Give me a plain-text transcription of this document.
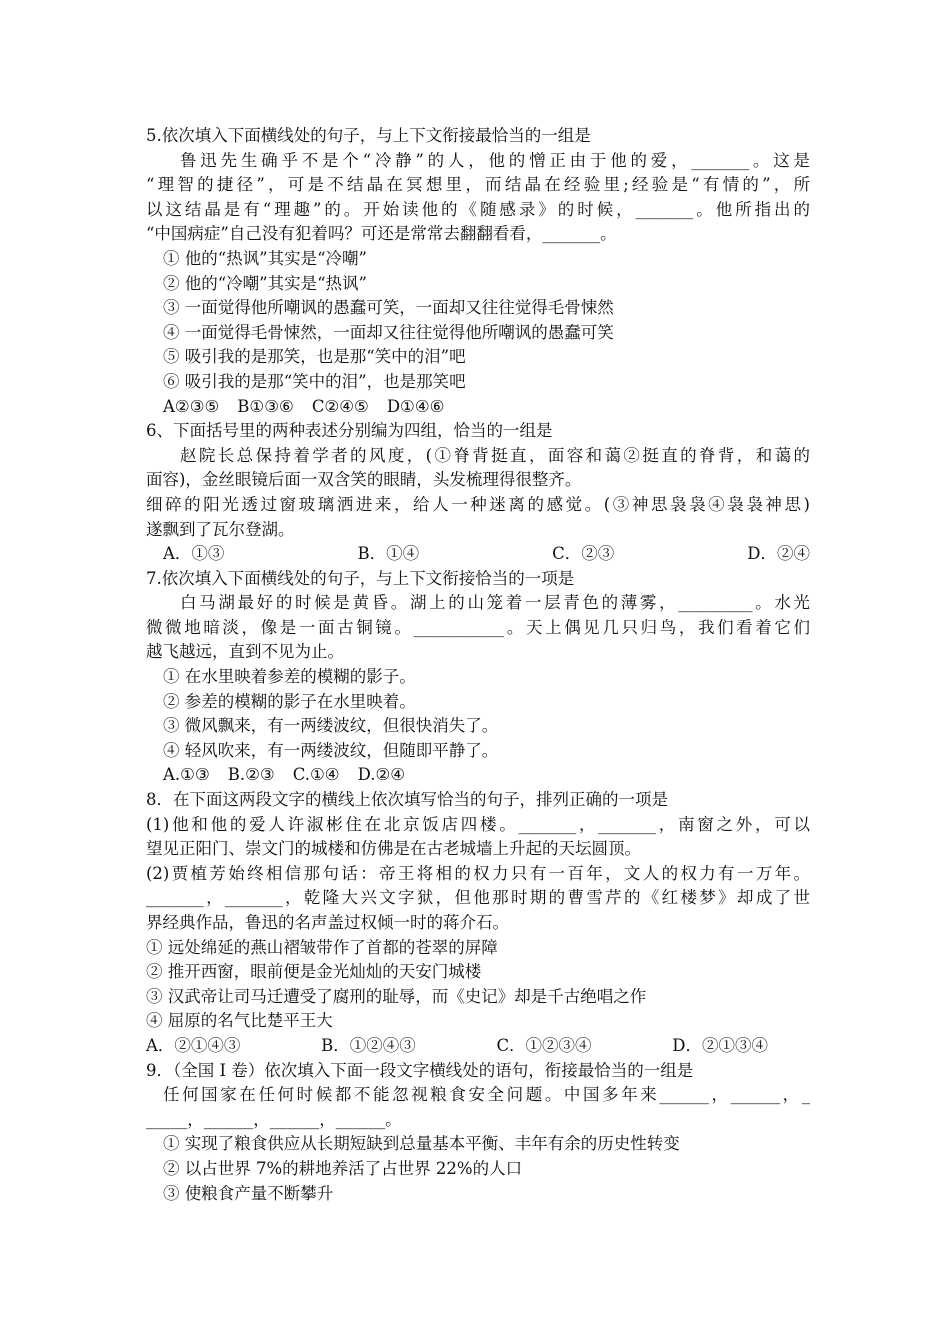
5.依次填入下面横线处的句子，与上下文衔接最恰当的一组是
鲁迅先生确乎不是个“冷静”的人，他的憎正由于他的爱，_______。这是
“理智的捷径”，可是不结晶在冥想里，而结晶在经验里;经验是“有情的”，所
以这结晶是有“理趣”的。开始读他的《随感录》的时候，_______。他所指出的
“中国病症”自己没有犯着吗？可还是常常去翻翻看看，_______。
① 他的“热讽”其实是“冷嘲”
② 他的“冷嘲”其实是“热讽”
③ 一面觉得他所嘲讽的愚蠢可笑，一面却又往往觉得毛骨悚然
④ 一面觉得毛骨悚然，一面却又往往觉得他所嘲讽的愚蠢可笑
⑤ 吸引我的是那笑，也是那“笑中的泪”吧
⑥ 吸引我的是那“笑中的泪”，也是那笑吧
A②③⑤ B①③⑥ C②④⑤ D①④⑥
6、下面括号里的两种表述分别编为四组，恰当的一组是
赵院长总保持着学者的风度，(①脊背挺直，面容和蔼②挺直的脊背，和蔼的
面容)，金丝眼镜后面一双含笑的眼睛，头发梳理得很整齐。
细碎的阳光透过窗玻璃洒进来，给人一种迷离的感觉。(③神思袅袅④袅袅神思)
遂飘到了瓦尔登湖。
A．①③	B．①④	C．②③	D．②④
7.依次填入下面横线处的句子，与上下文衔接恰当的一项是
白马湖最好的时候是黄昏。湖上的山笼着一层青色的薄雾，_________。水光
微微地暗淡，像是一面古铜镜。___________。天上偶见几只归鸟，我们看着它们
越飞越远，直到不见为止。
① 在水里映着参差的模糊的影子。
② 参差的模糊的影子在水里映着。
③ 微风飘来，有一两缕波纹，但很快消失了。
④ 轻风吹来，有一两缕波纹，但随即平静了。
A.①③ B.②③ C.①④ D.②④
8．在下面这两段文字的横线上依次填写恰当的句子，排列正确的一项是
(1)他和他的爱人许淑彬住在北京饭店四楼。_______，_______，南窗之外，可以
望见正阳门、崇文门的城楼和仿佛是在古老城墙上升起的天坛圆顶。
(2)贾植芳始终相信那句话：帝王将相的权力只有一百年，文人的权力有一万年。
_______，_______，乾隆大兴文字狱，但他那时期的曹雪芹的《红楼梦》却成了世
界经典作品，鲁迅的名声盖过权倾一时的蒋介石。
① 远处绵延的燕山褶皱带作了首都的苍翠的屏障
② 推开西窗，眼前便是金光灿灿的天安门城楼
③ 汉武帝让司马迁遭受了腐刑的耻辱，而《史记》却是千古绝唱之作
④ 屈原的名气比楚平王大
A．②①④③	B．①②④③	C．①②③④	D．②①③④
9．（全国 I 卷）依次填入下面一段文字横线处的语句，衔接最恰当的一组是
任何国家在任何时候都不能忽视粮食安全问题。中国多年来______，______，_
_____，______，______，______。
① 实现了粮食供应从长期短缺到总量基本平衡、丰年有余的历史性转变
② 以占世界 7%的耕地养活了占世界 22%的人口
③ 使粮食产量不断攀升
